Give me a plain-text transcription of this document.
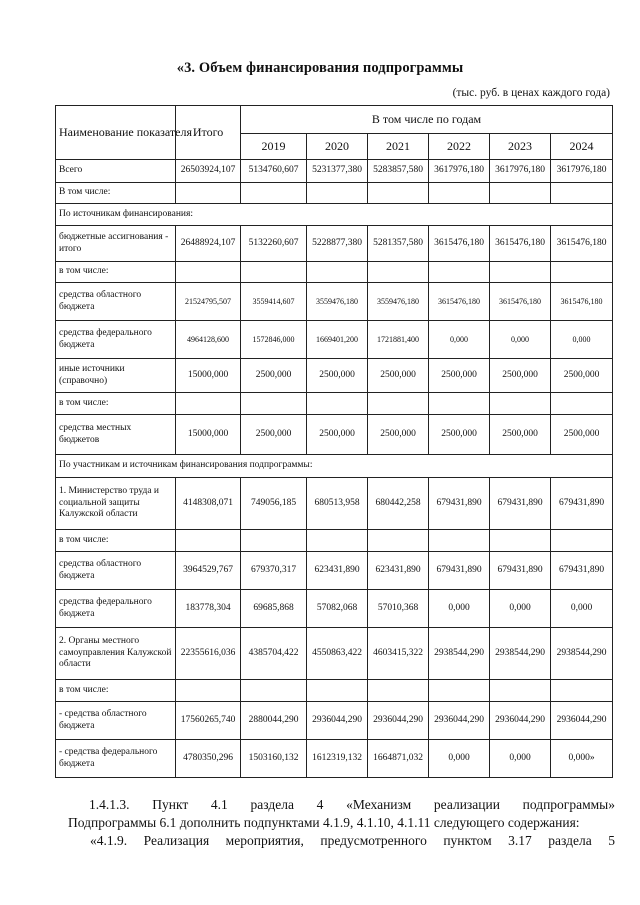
«3. Объем финансирования подпрограммы
(тыс. руб. в ценах каждого года)
Наименование показателя	Итого	В том числе по годам					
		2019	2020	2021	2022	2023	2024
Всего	26503924,107	5134760,607	5231377,380	5283857,580	3617976,180	3617976,180	3617976,180
В том числе:							
По источникам финансирования:							
бюджетные ассигнования - итого	26488924,107	5132260,607	5228877,380	5281357,580	3615476,180	3615476,180	3615476,180
в том числе:							
средства областного бюджета	21524795,507	3559414,607	3559476,180	3559476,180	3615476,180	3615476,180	3615476,180
средства федерального бюджета	4964128,600	1572846,000	1669401,200	1721881,400	0,000	0,000	0,000
иные источники (справочно)	15000,000	2500,000	2500,000	2500,000	2500,000	2500,000	2500,000
в том числе:							
средства местных бюджетов	15000,000	2500,000	2500,000	2500,000	2500,000	2500,000	2500,000
По участникам и источникам финансирования подпрограммы:							
1. Министерство труда и социальной защиты Калужской области	4148308,071	749056,185	680513,958	680442,258	679431,890	679431,890	679431,890
в том числе:							
средства областного бюджета	3964529,767	679370,317	623431,890	623431,890	679431,890	679431,890	679431,890
средства федерального бюджета	183778,304	69685,868	57082,068	57010,368	0,000	0,000	0,000
2. Органы местного самоуправления Калужской области	22355616,036	4385704,422	4550863,422	4603415,322	2938544,290	2938544,290	2938544,290
в том числе:							
- средства областного бюджета	17560265,740	2880044,290	2936044,290	2936044,290	2936044,290	2936044,290	2936044,290
- средства федерального бюджета	4780350,296	1503160,132	1612319,132	1664871,032	0,000	0,000	0,000»
1.4.1.3. Пункт 4.1 раздела 4 «Механизм реализации подпрограммы»
Подпрограммы 6.1 дополнить подпунктами 4.1.9, 4.1.10, 4.1.11 следующего содержания:
«4.1.9. Реализация мероприятия, предусмотренного пунктом 3.17 раздела 5
